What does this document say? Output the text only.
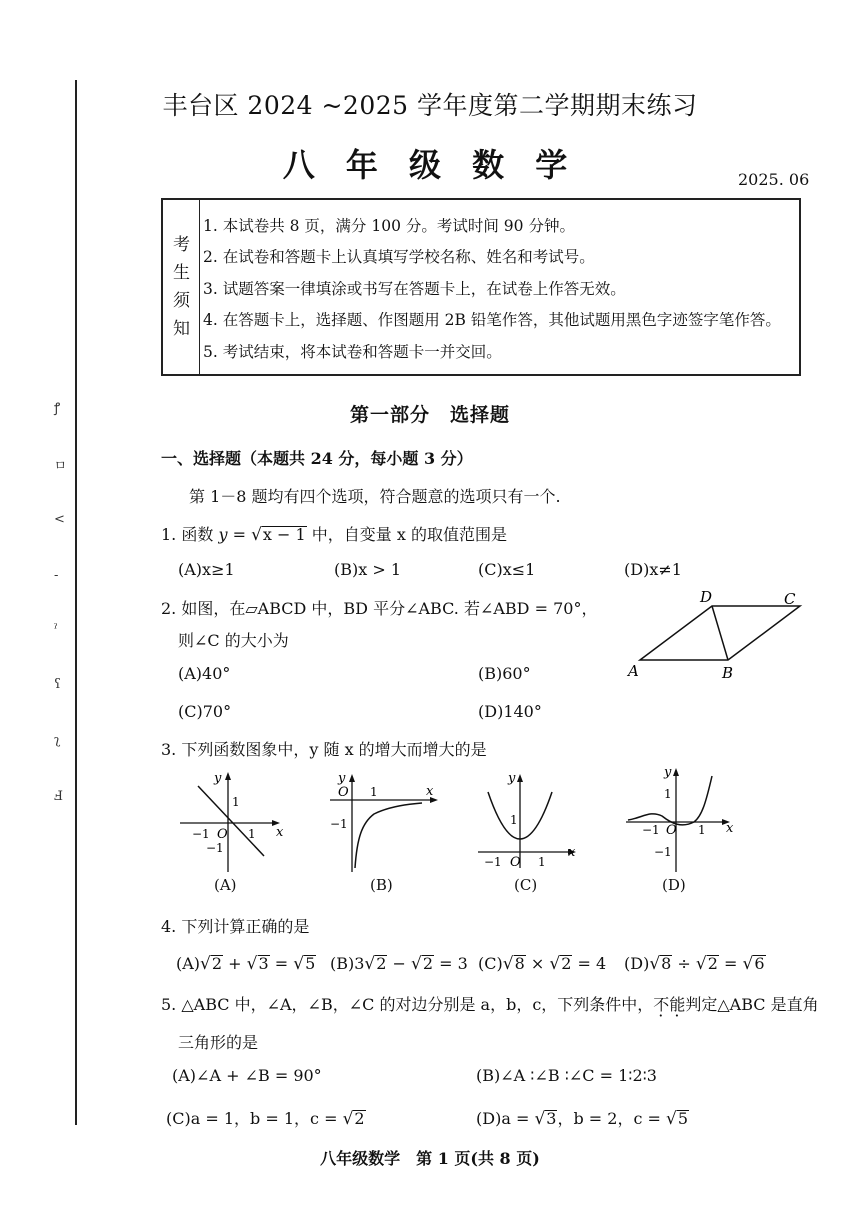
ꝭ
ㅁ
<
-
ˀ
ʕ
ʅ
Ⅎ
丰台区 2024 ~2025 学年度第二学期期末练习
八 年 级 数 学	2025. 06
考
生
须
知
1. 本试卷共 8 页，满分 100 分。考试时间 90 分钟。
2. 在试卷和答题卡上认真填写学校名称、姓名和考试号。
3. 试题答案一律填涂或书写在答题卡上，在试卷上作答无效。
4. 在答题卡上，选择题、作图题用 2B 铅笔作答，其他试题用黑色字迹签字笔作答。
5. 考试结束，将本试卷和答题卡一并交回。
第一部分　选择题
一、选择题（本题共 24 分，每小题 3 分）
第 1－8 题均有四个选项，符合题意的选项只有一个.
1. 函数 y = √x − 1 中，自变量 x 的取值范围是
(A)x≥1	(B)x > 1	(C)x≤1	(D)x≠1
2. 如图，在▱ABCD 中，BD 平分∠ABC. 若∠ABD = 70°，
则∠C 的大小为
(A)40°	(B)60°
(C)70°	(D)140°
A	B
C
D
3. 下列函数图象中，y 随 x 的增大而增大的是
x
y
O 1
−1
1
−1
(A)
x
y
O 1
−1
(B)
x
y
O
−1	1
1
(C)
x
y
O
−1	1
1
−1
(D)
4. 下列计算正确的是
(A)√2 + √3 = √5 (B)3√2 − √2 = 3 (C)√8 × √2 = 4 (D)√8 ÷ √2 = √6
5. △ABC 中，∠A，∠B，∠C 的对边分别是 a，b，c，下列条件中，不能判定△ABC 是直角
三角形的是
(A)∠A + ∠B = 90°	(B)∠A ∶∠B ∶∠C = 1∶2∶3
(C)a = 1，b = 1，c = √2	(D)a = √3，b = 2，c = √5
八年级数学　第 1 页(共 8 页)
